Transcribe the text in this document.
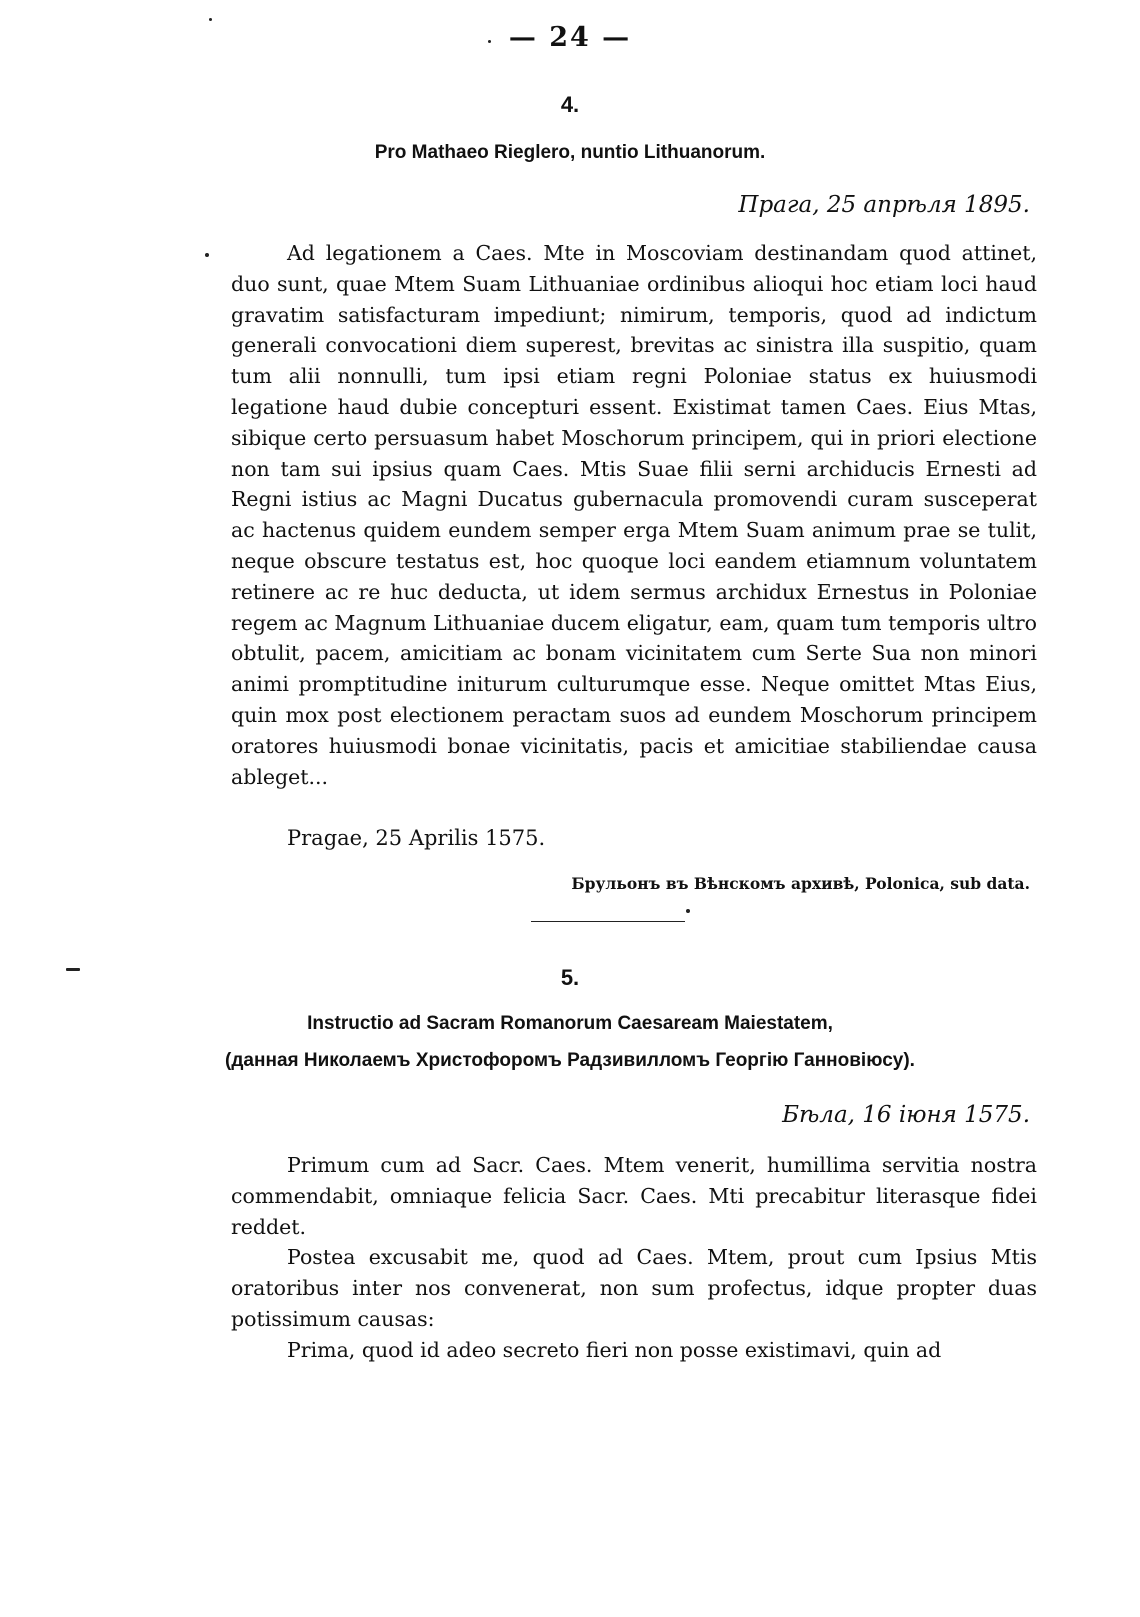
— 24 —
4.
Pro Mathaeo Rieglero, nuntio Lithuanorum.
Прага, 25 апрѣля 1895.

Ad legationem a Caes. Mte in Moscoviam destinandam quod attinet, duo sunt, quae Mtem Suam Lithuaniae ordinibus alioqui hoc etiam loci haud gravatim satisfacturam impediunt; nimirum, temporis, quod ad indictum generali convocationi diem superest, brevitas ac sinistra illa suspitio, quam tum alii nonnulli, tum ipsi etiam regni Poloniae status ex huiusmodi legatione haud dubie concepturi essent. Existimat tamen Caes. Eius Mtas, sibique certo persuasum habet Moschorum principem, qui in priori electione non tam sui ipsius quam Caes. Mtis Suae filii serni archiducis Ernesti ad Regni istius ac Magni Ducatus gubernacula promovendi curam susceperat ac hactenus quidem eundem semper erga Mtem Suam animum prae se tulit, neque obscure testatus est, hoc quoque loci eandem etiamnum voluntatem retinere ac re huc deducta, ut idem sermus archidux Ernestus in Poloniae regem ac Magnum Lithuaniae ducem eligatur, eam, quam tum temporis ultro obtulit, pacem, amicitiam ac bonam vicinitatem cum Serte Sua non minori animi promptitudine initurum culturumque esse. Neque omittet Mtas Eius, quin mox post electionem peractam suos ad eundem Moschorum principem oratores huiusmodi bonae vicinitatis, pacis et amicitiae stabiliendae causa ableget...

Pragae, 25 Aprilis 1575.
Брульонъ въ Вѣнскомъ архивѣ, Polonica, sub data.
5.
Instructio ad Sacram Romanorum Caesaream Maiestatem,
(данная Николаемъ Христофоромъ Радзивилломъ Георгію Ганновіюсу).
Бѣла, 16 іюня 1575.

Primum cum ad Sacr. Caes. Mtem venerit, humillima servitia nostra commendabit, omniaque felicia Sacr. Caes. Mti precabitur literasque fidei reddet.

Postea excusabit me, quod ad Caes. Mtem, prout cum Ipsius Mtis oratoribus inter nos convenerat, non sum profectus, idque propter duas potissimum causas:

Prima, quod id adeo secreto fieri non posse existimavi, quin ad
